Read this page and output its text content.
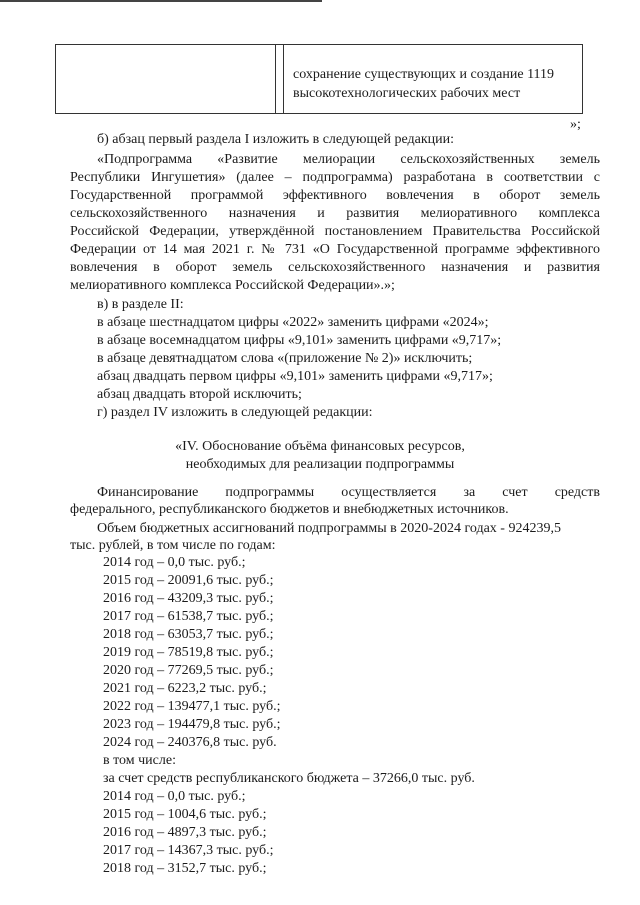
		сохранение существующих и создание 1119 высокотехнологических рабочих мест
»;
б) абзац первый раздела I изложить в следующей редакции:
«Подпрограмма «Развитие мелиорации сельскохозяйственных земель
Республики Ингушетия» (далее – подпрограмма) разработана в соответствии с
Государственной программой эффективного вовлечения в оборот земель
сельскохозяйственного назначения и развития мелиоративного комплекса
Российской Федерации, утверждённой постановлением Правительства Российской
Федерации от 14 мая 2021 г. № 731 «О Государственной программе эффективного
вовлечения в оборот земель сельскохозяйственного назначения и развития
мелиоративного комплекса Российской Федерации».»;
в) в разделе II:
в абзаце шестнадцатом цифры «2022» заменить цифрами «2024»;
в абзаце восемнадцатом цифры «9,101» заменить цифрами «9,717»;
в абзаце девятнадцатом слова «(приложение № 2)» исключить;
абзац двадцать первом цифры «9,101» заменить цифрами «9,717»;
абзац двадцать второй исключить;
г) раздел IV изложить в следующей редакции:
«IV. Обоснование объёма финансовых ресурсов,
необходимых для реализации подпрограммы
Финансирование подпрограммы осуществляется за счет средств
федерального, республиканского бюджетов и внебюджетных источников.
Объем бюджетных ассигнований подпрограммы в 2020-2024 годах - 924239,5
тыс. рублей, в том числе по годам:
2014 год – 0,0 тыс. руб.;
2015 год – 20091,6 тыс. руб.;
2016 год – 43209,3 тыс. руб.;
2017 год – 61538,7 тыс. руб.;
2018 год – 63053,7 тыс. руб.;
2019 год – 78519,8 тыс. руб.;
2020 год – 77269,5 тыс. руб.;
2021 год – 6223,2 тыс. руб.;
2022 год – 139477,1 тыс. руб.;
2023 год – 194479,8 тыс. руб.;
2024 год – 240376,8 тыс. руб.
в том числе:
за счет средств республиканского бюджета – 37266,0 тыс. руб.
2014 год – 0,0 тыс. руб.;
2015 год – 1004,6 тыс. руб.;
2016 год – 4897,3 тыс. руб.;
2017 год – 14367,3 тыс. руб.;
2018 год – 3152,7 тыс. руб.;
